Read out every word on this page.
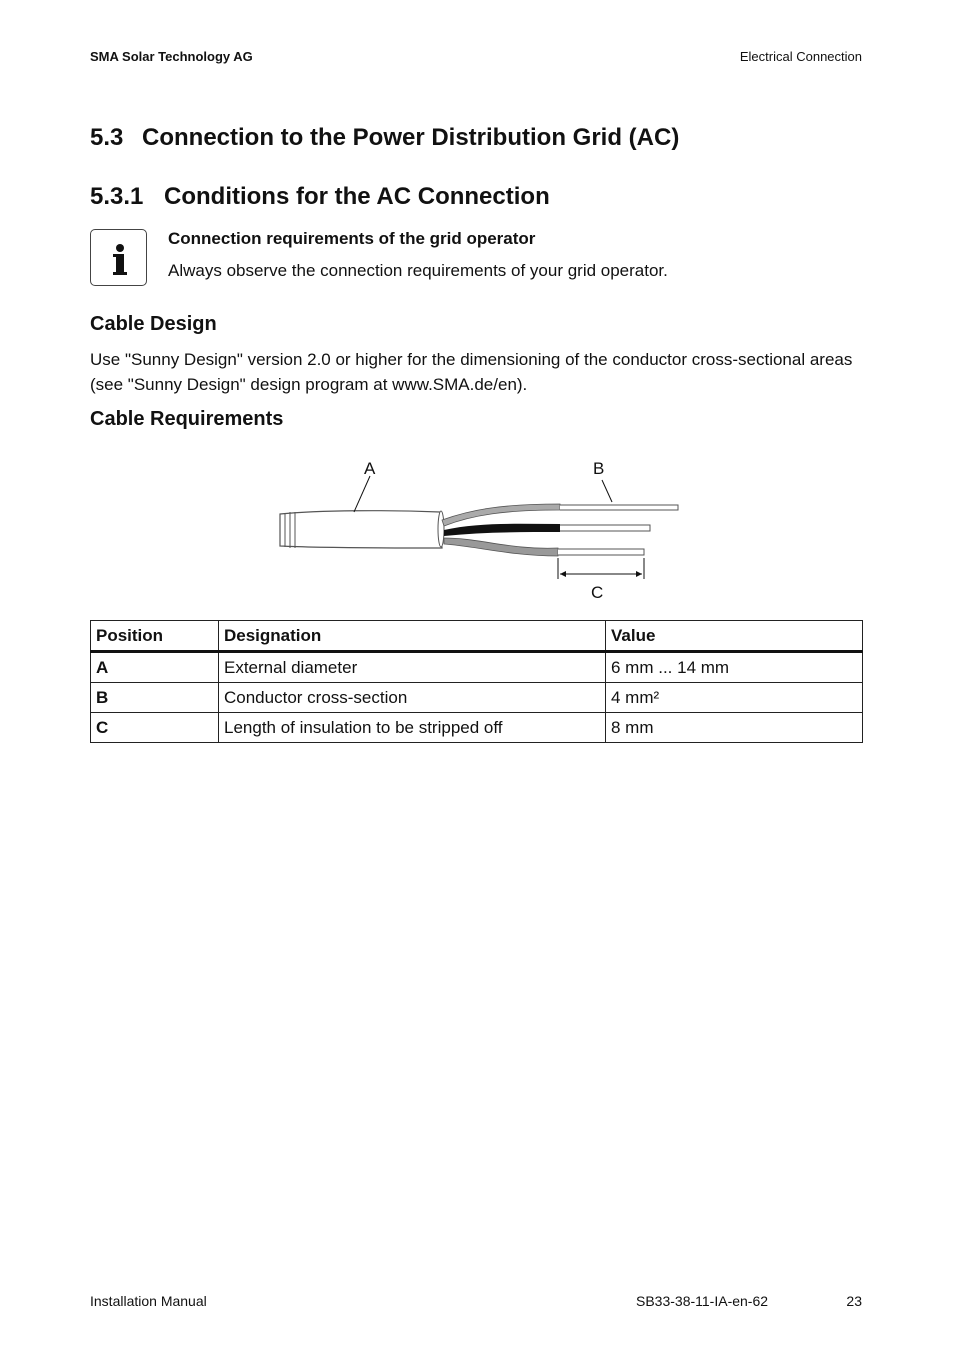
SMA Solar Technology AG	Electrical Connection
5.3 Connection to the Power Distribution Grid (AC)
5.3.1 Conditions for the AC Connection
Connection requirements of the grid operator
Always observe the connection requirements of your grid operator.
Cable Design
Use "Sunny Design" version 2.0 or higher for the dimensioning of the conductor cross-sectional areas (see "Sunny Design" design program at www.SMA.de/en).
Cable Requirements
A	B
C
Position	Designation	Value
A	External diameter	6 mm ... 14 mm
B	Conductor cross-section	4 mm²
C	Length of insulation to be stripped off	8 mm
Installation Manual	SB33-38-11-IA-en-62	23
